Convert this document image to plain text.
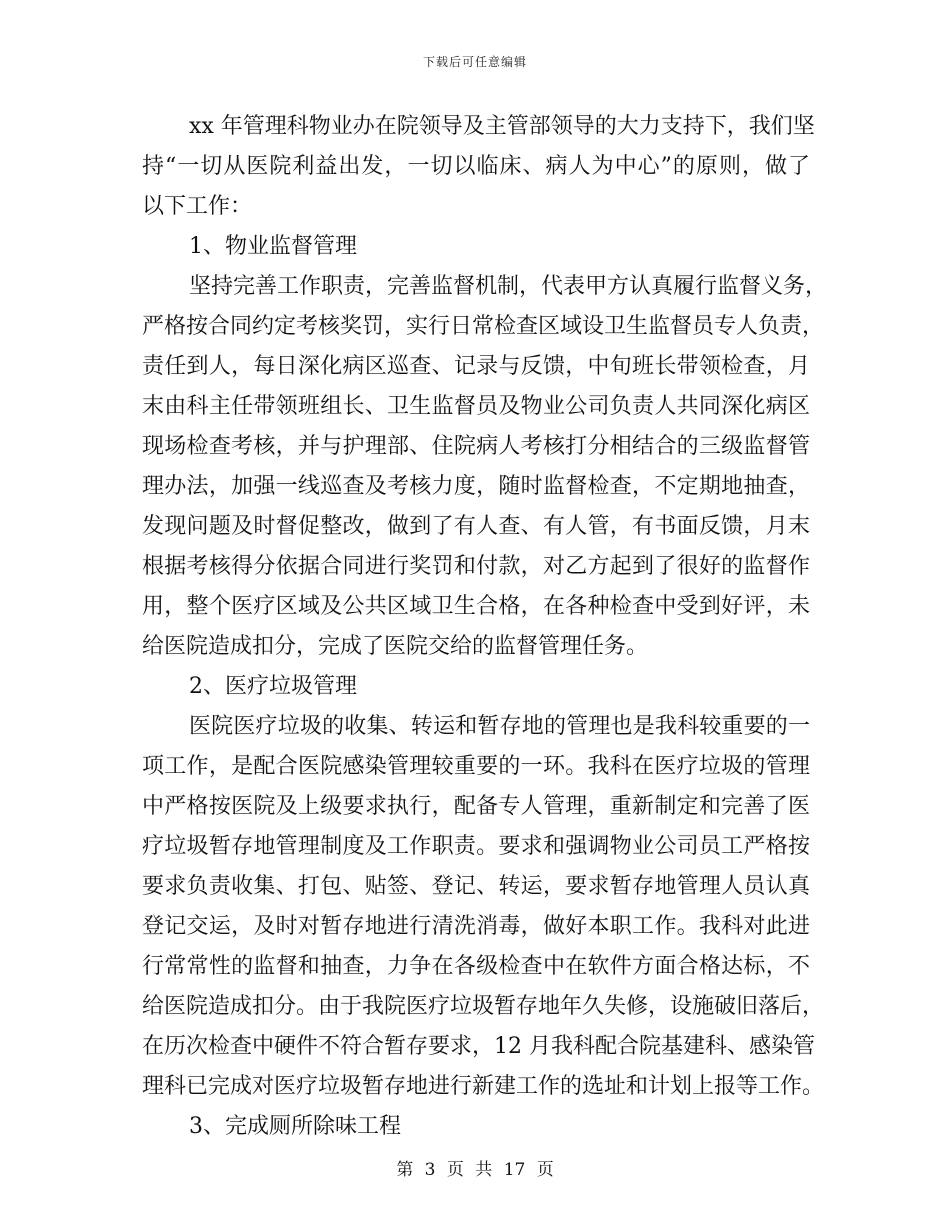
下载后可任意编辑
xx 年管理科物业办在院领导及主管部领导的大力支持下，我们坚
持“一切从医院利益出发，一切以临床、病人为中心”的原则，做了
以下工作：
1、物业监督管理
坚持完善工作职责，完善监督机制，代表甲方认真履行监督义务，
严格按合同约定考核奖罚，实行日常检查区域设卫生监督员专人负责，
责任到人，每日深化病区巡查、记录与反馈，中旬班长带领检查，月
末由科主任带领班组长、卫生监督员及物业公司负责人共同深化病区
现场检查考核，并与护理部、住院病人考核打分相结合的三级监督管
理办法，加强一线巡查及考核力度，随时监督检查，不定期地抽查，
发现问题及时督促整改，做到了有人查、有人管，有书面反馈，月末
根据考核得分依据合同进行奖罚和付款，对乙方起到了很好的监督作
用，整个医疗区域及公共区域卫生合格，在各种检查中受到好评，未
给医院造成扣分，完成了医院交给的监督管理任务。
2、医疗垃圾管理
医院医疗垃圾的收集、转运和暂存地的管理也是我科较重要的一
项工作，是配合医院感染管理较重要的一环。我科在医疗垃圾的管理
中严格按医院及上级要求执行，配备专人管理，重新制定和完善了医
疗垃圾暂存地管理制度及工作职责。要求和强调物业公司员工严格按
要求负责收集、打包、贴签、登记、转运，要求暂存地管理人员认真
登记交运，及时对暂存地进行清洗消毒，做好本职工作。我科对此进
行常常性的监督和抽查，力争在各级检查中在软件方面合格达标，不
给医院造成扣分。由于我院医疗垃圾暂存地年久失修，设施破旧落后，
在历次检查中硬件不符合暂存要求，12 月我科配合院基建科、感染管
理科已完成对医疗垃圾暂存地进行新建工作的选址和计划上报等工作。
3、完成厕所除味工程
第 3 页 共 17 页
